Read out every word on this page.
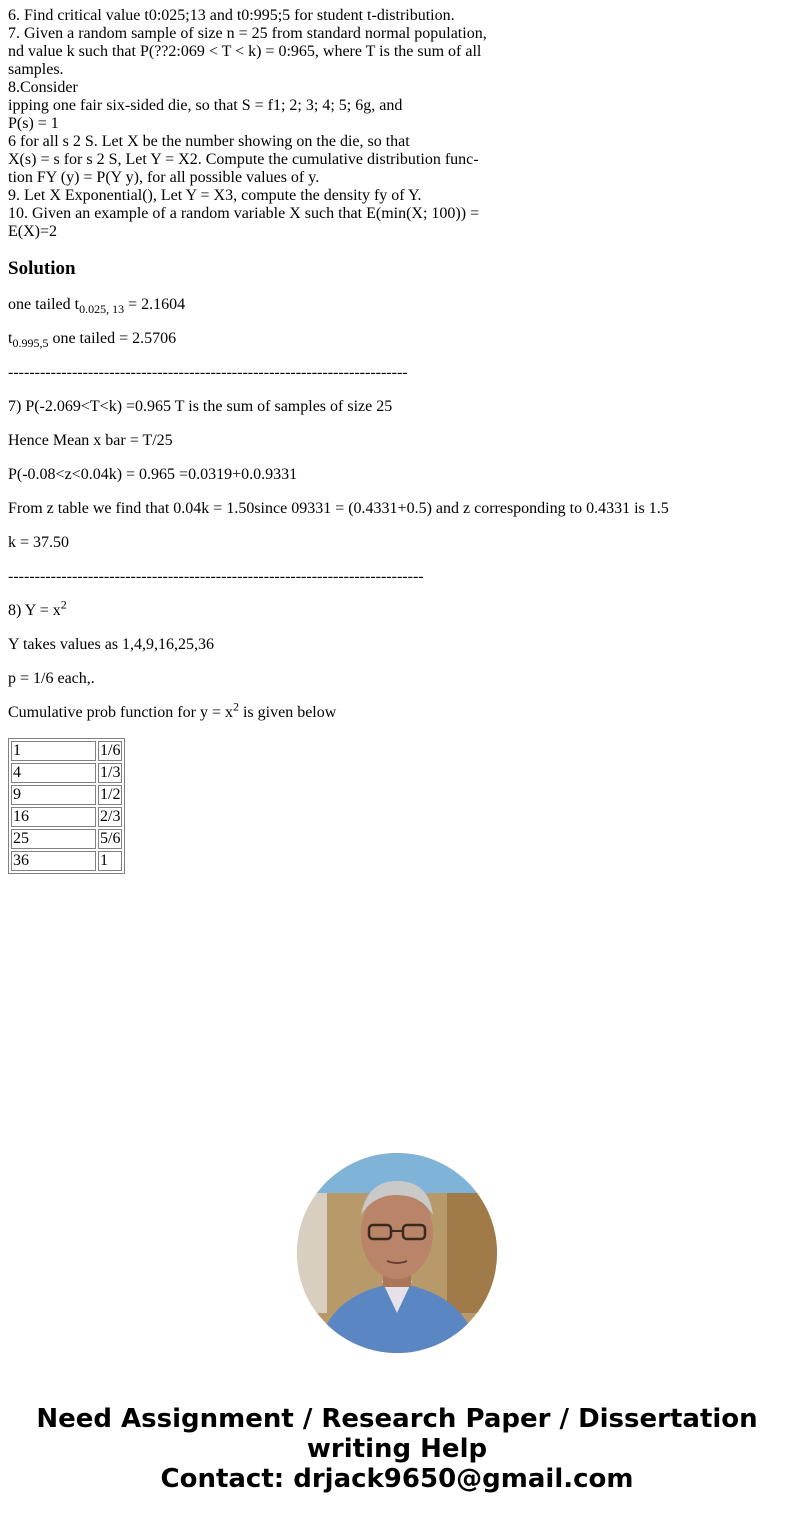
6. Find critical value t0:025;13 and t0:995;5 for student t-distribution.
7. Given a random sample of size n = 25 from standard normal population,
nd value k such that P(??2:069 < T < k) = 0:965, where T is the sum of all
samples.
8.Consider
ipping one fair six-sided die, so that S = f1; 2; 3; 4; 5; 6g, and
P(s) = 1
6 for all s 2 S. Let X be the number showing on the die, so that
X(s) = s for s 2 S, Let Y = X2. Compute the cumulative distribution func-
tion FY (y) = P(Y y), for all possible values of y.
9. Let X Exponential(), Let Y = X3, compute the density fy of Y.
10. Given an example of a random variable X such that E(min(X; 100)) =
E(X)=2
Solution

one tailed $t_{0.025, 13} = 2.1604$

$t_{0.995,5}$ one tailed = 2.5706

---------------------------------------------------------------------------

7) P(-2.069<T<k) =0.965 T is the sum of samples of size 25

Hence Mean x bar = T/25

P(-0.08<z<0.04k) = 0.965 =0.0319+0.0.9331

From z table we find that 0.04k = 1.50since 09331 = (0.4331+0.5) and z corresponding to 0.4331 is 1.5

k = 37.50

------------------------------------------------------------------------------

8) $Y = x^2$

Y takes values as 1,4,9,16,25,36

p = 1/6 each,.

Cumulative prob function for $y = x^2$ is given below

1	1/6
4	1/3
9	1/2
16	2/3
25	5/6
36	1
Need Assignment / Research Paper / Dissertation
writing Help
Contact: drjack9650@gmail.com
